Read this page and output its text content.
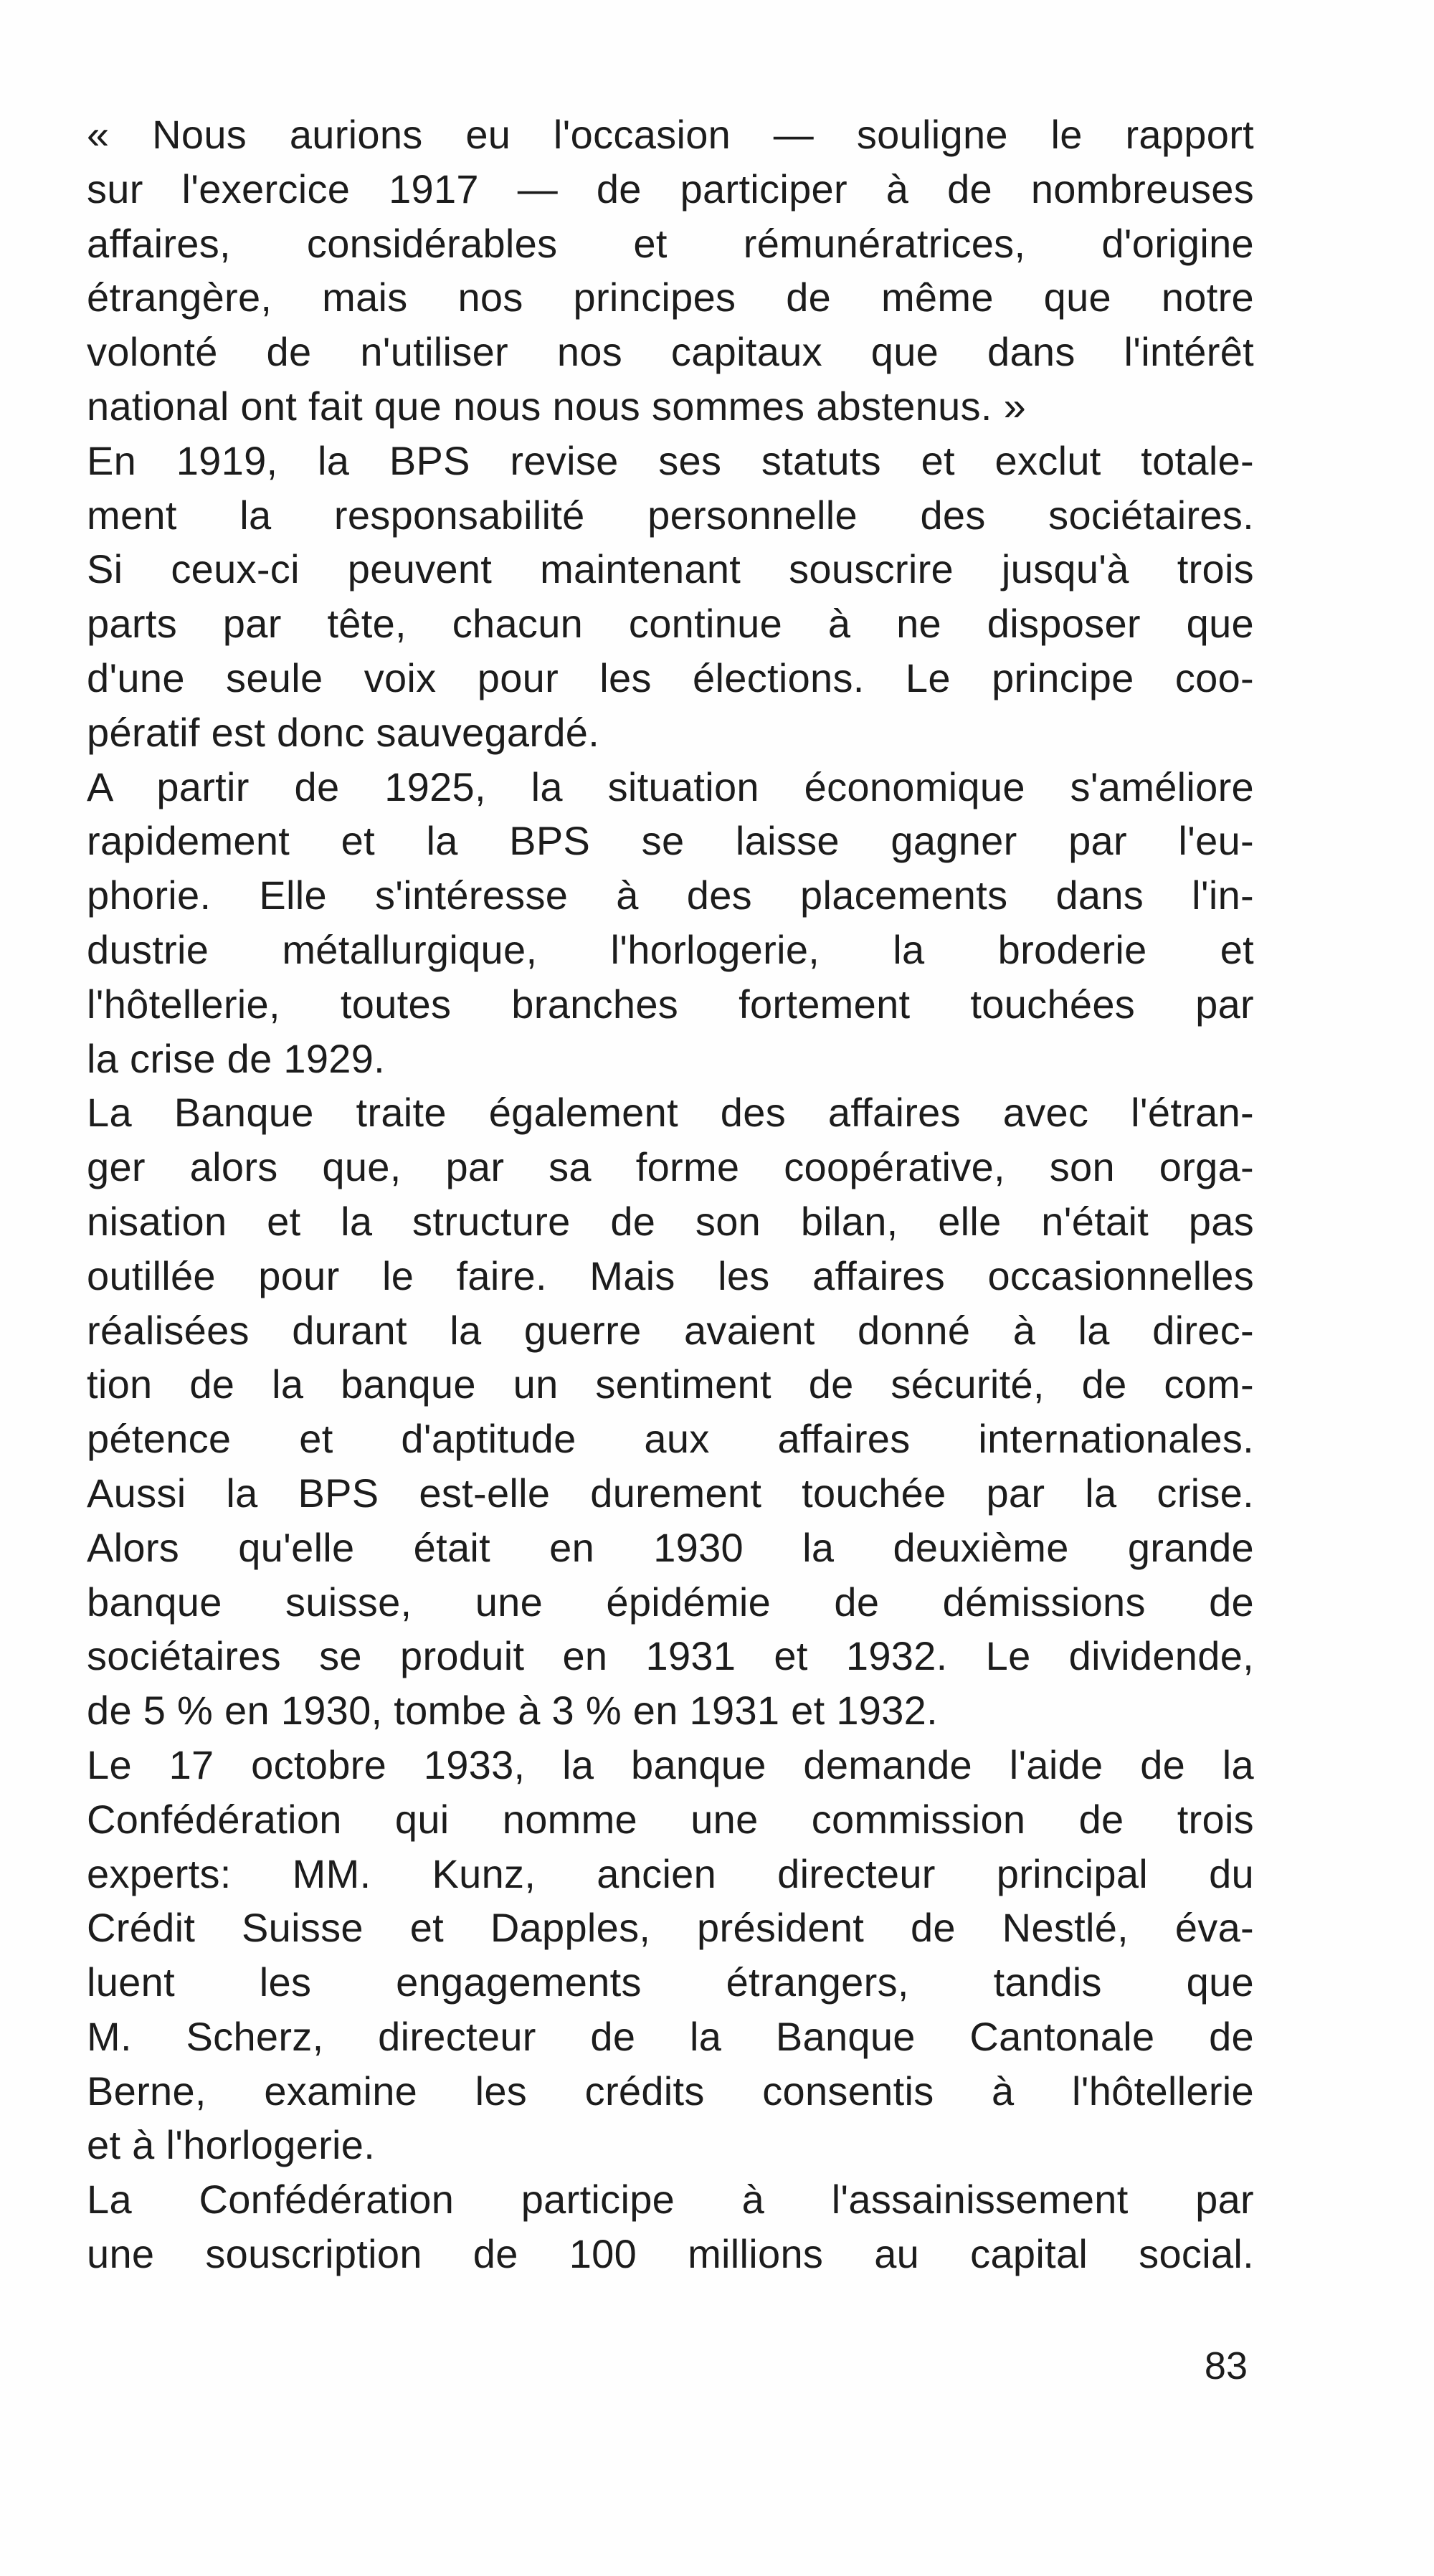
« Nous aurions eu l'occasion — souligne le rapport
sur l'exercice 1917 — de participer à de nombreuses
affaires, considérables et rémunératrices, d'origine
étrangère, mais nos principes de même que notre
volonté de n'utiliser nos capitaux que dans l'intérêt
national ont fait que nous nous sommes abstenus. »
En 1919, la BPS revise ses statuts et exclut totale-
ment la responsabilité personnelle des sociétaires.
Si ceux-ci peuvent maintenant souscrire jusqu'à trois
parts par tête, chacun continue à ne disposer que
d'une seule voix pour les élections. Le principe coo-
pératif est donc sauvegardé.
A partir de 1925, la situation économique s'améliore
rapidement et la BPS se laisse gagner par l'eu-
phorie. Elle s'intéresse à des placements dans l'in-
dustrie métallurgique, l'horlogerie, la broderie et
l'hôtellerie, toutes branches fortement touchées par
la crise de 1929.
La Banque traite également des affaires avec l'étran-
ger alors que, par sa forme coopérative, son orga-
nisation et la structure de son bilan, elle n'était pas
outillée pour le faire. Mais les affaires occasionnelles
réalisées durant la guerre avaient donné à la direc-
tion de la banque un sentiment de sécurité, de com-
pétence et d'aptitude aux affaires internationales.
Aussi la BPS est-elle durement touchée par la crise.
Alors qu'elle était en 1930 la deuxième grande
banque suisse, une épidémie de démissions de
sociétaires se produit en 1931 et 1932. Le dividende,
de 5 % en 1930, tombe à 3 % en 1931 et 1932.
Le 17 octobre 1933, la banque demande l'aide de la
Confédération qui nomme une commission de trois
experts: MM. Kunz, ancien directeur principal du
Crédit Suisse et Dapples, président de Nestlé, éva-
luent les engagements étrangers, tandis que
M. Scherz, directeur de la Banque Cantonale de
Berne, examine les crédits consentis à l'hôtellerie
et à l'horlogerie.
La Confédération participe à l'assainissement par
une souscription de 100 millions au capital social.
83
